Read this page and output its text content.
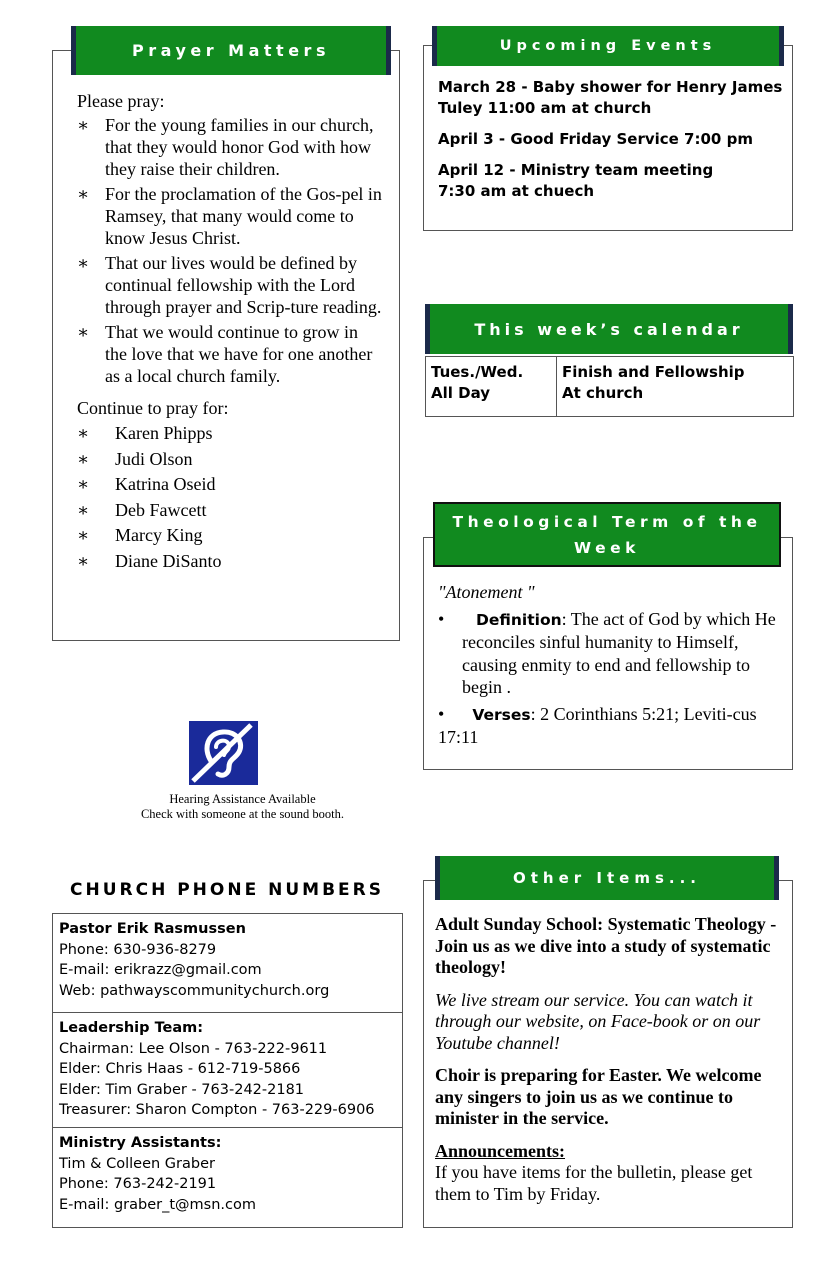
Prayer Matters
Please pray:
∗ For the young families in our church, that they would honor God with how they raise their children.
∗ For the proclamation of the Gos-pel in Ramsey, that many would come to know Jesus Christ.
∗ That our lives would be defined by continual fellowship with the Lord through prayer and Scrip-ture reading.
∗ That we would continue to grow in the love that we have for one another as a local church family.
Continue to pray for:
∗ Karen Phipps
∗ Judi Olson
∗ Katrina Oseid
∗ Deb Fawcett
∗ Marcy King
∗ Diane DiSanto
Upcoming Events

March 28 - Baby shower for Henry James Tuley 11:00 am at church

April 3 - Good Friday Service 7:00 pm

April 12 - Ministry team meeting 7:30 am at chuech

This week’s calendar
Tues./Wed.
All Day

Finish and Fellowship
At church
Theological Term of the Week
"Atonement "
• Definition: The act of God by which He reconciles sinful humanity to Himself, causing enmity to end and fellowship to begin .
• Verses: 2 Corinthians 5:21; Leviti-cus 17:11
Hearing Assistance Available
Check with someone at the sound booth.
CHURCH PHONE NUMBERS
Pastor Erik Rasmussen
Phone: 630-936-8279
E-mail: erikrazz@gmail.com
Web: pathwayscommunitychurch.org
Leadership Team:
Chairman: Lee Olson - 763-222-9611
Elder: Chris Haas - 612-719-5866
Elder: Tim Graber - 763-242-2181
Treasurer: Sharon Compton - 763-229-6906
Ministry Assistants:
Tim & Colleen Graber
Phone: 763-242-2191
E-mail: graber_t@msn.com
Other Items...
Adult Sunday School: Systematic Theology - Join us as we dive into a study of systematic theology!
We live stream our service. You can watch it through our website, on Face-book or on our Youtube channel!
Choir is preparing for Easter. We welcome any singers to join us as we continue to minister in the service.
Announcements:
If you have items for the bulletin, please get them to Tim by Friday.
